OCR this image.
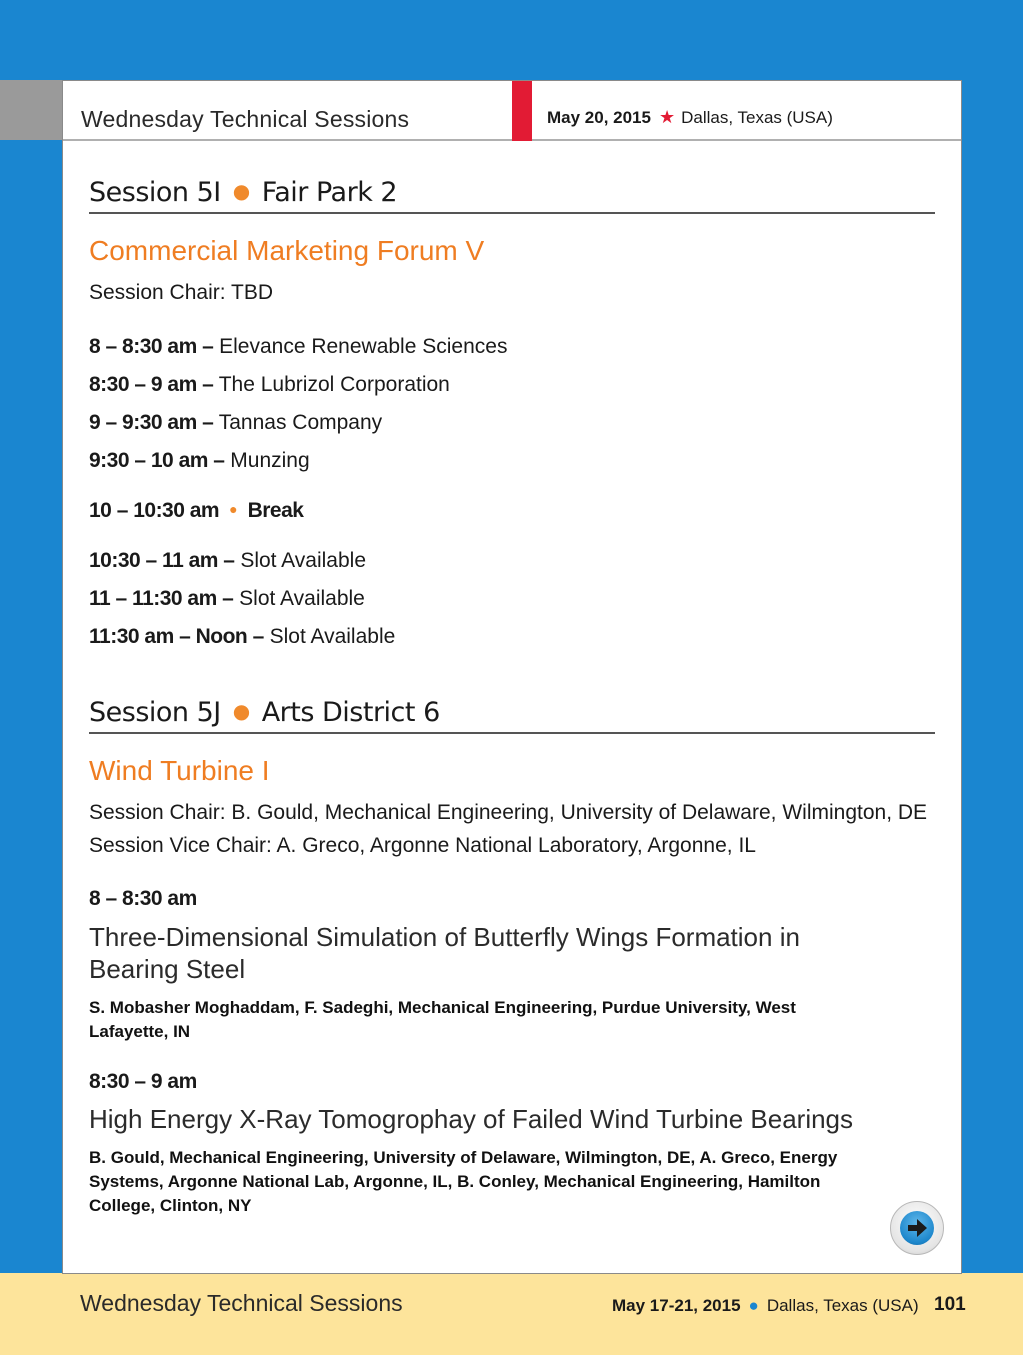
Wednesday Technical Sessions	May 20, 2015 ★ Dallas, Texas (USA)
Session 5I ● Fair Park 2
Commercial Marketing Forum V
Session Chair: TBD
8 – 8:30 am – Elevance Renewable Sciences
8:30 – 9 am – The Lubrizol Corporation
9 – 9:30 am – Tannas Company
9:30 – 10 am – Munzing
10 – 10:30 am ● Break
10:30 – 11 am – Slot Available
11 – 11:30 am – Slot Available
11:30 am – Noon – Slot Available
Session 5J ● Arts District 6
Wind Turbine I
Session Chair: B. Gould, Mechanical Engineering, University of Delaware, Wilmington, DE
Session Vice Chair: A. Greco, Argonne National Laboratory, Argonne, IL
8 – 8:30 am
Three-Dimensional Simulation of Butterfly Wings Formation in Bearing Steel
S. Mobasher Moghaddam, F. Sadeghi, Mechanical Engineering, Purdue University, West Lafayette, IN
8:30 – 9 am
High Energy X-Ray Tomogrophay of Failed Wind Turbine Bearings
B. Gould, Mechanical Engineering, University of Delaware, Wilmington, DE, A. Greco, Energy Systems, Argonne National Lab, Argonne, IL, B. Conley, Mechanical Engineering, Hamilton College, Clinton, NY
Wednesday Technical Sessions	May 17-21, 2015 ● Dallas, Texas (USA) 101
